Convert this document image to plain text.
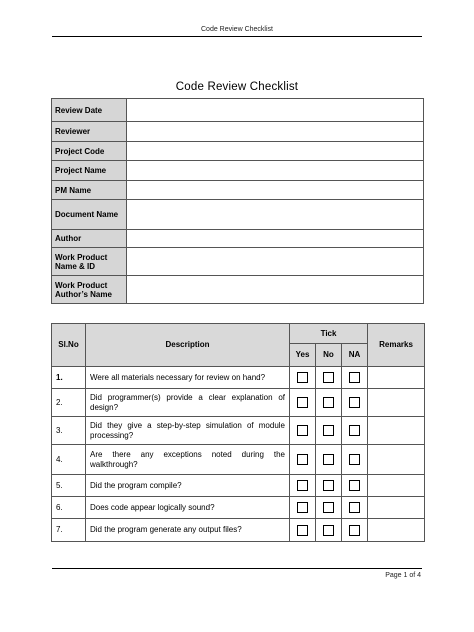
Code Review Checklist
Code Review Checklist
Review Date	
Reviewer	
Project Code	
Project Name	
PM Name	
Document Name	
Author	
Work Product Name & ID	
Work Product Author’s Name	
Sl.No	Description	Tick			Remarks
		Yes	No	NA	
1.	Were all materials necessary for review on hand?				
2.	Did programmer(s) provide a clear explanation of design?				
3.	Did they give a step-by-step simulation of module processing?				
4.	Are there any exceptions noted during the walkthrough?				
5.	Did the program compile?				
6.	Does code appear logically sound?				
7.	Did the program generate any output files?				
Page 1 of 4
